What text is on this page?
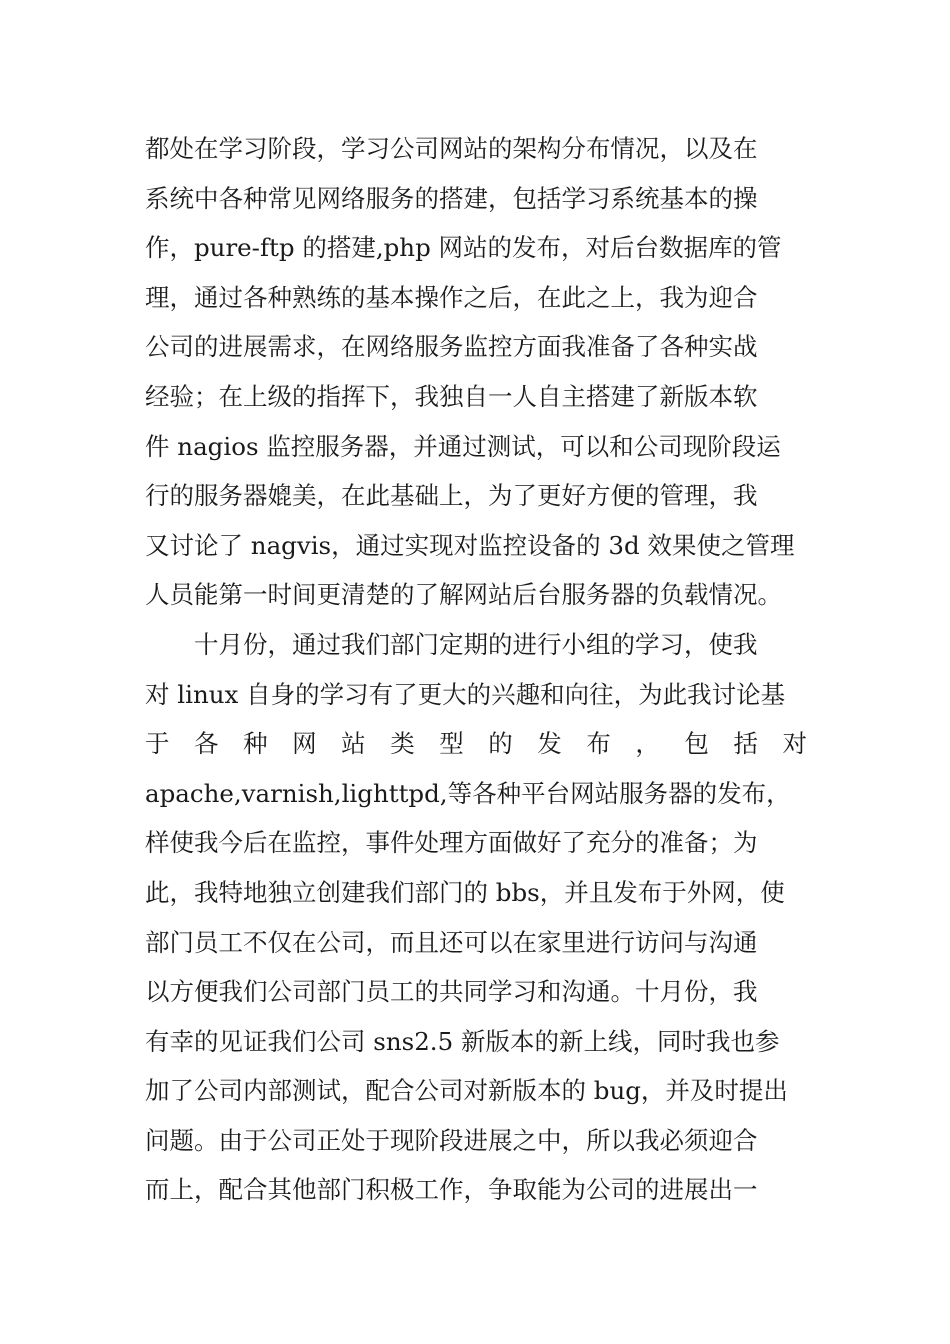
都处在学习阶段，学习公司网站的架构分布情况，以及在
系统中各种常见网络服务的搭建，包括学习系统基本的操
作，pure-ftp 的搭建,php 网站的发布，对后台数据库的管
理，通过各种熟练的基本操作之后，在此之上，我为迎合
公司的进展需求，在网络服务监控方面我准备了各种实战
经验；在上级的指挥下，我独自一人自主搭建了新版本软
件 nagios 监控服务器，并通过测试，可以和公司现阶段运
行的服务器媲美，在此基础上，为了更好方便的管理，我
又讨论了 nagvis，通过实现对监控设备的 3d 效果使之管理
人员能第一时间更清楚的了解网站后台服务器的负载情况。
　　十月份，通过我们部门定期的进行小组的学习，使我
对 linux 自身的学习有了更大的兴趣和向往，为此我讨论基
于 各 种 网 站 类 型 的 发 布 ， 包 括 对
apache,varnish,lighttpd,等各种平台网站服务器的发布，
样使我今后在监控，事件处理方面做好了充分的准备；为
此，我特地独立创建我们部门的 bbs，并且发布于外网，使
部门员工不仅在公司，而且还可以在家里进行访问与沟通
以方便我们公司部门员工的共同学习和沟通。十月份，我
有幸的见证我们公司 sns2.5 新版本的新上线，同时我也参
加了公司内部测试，配合公司对新版本的 bug，并及时提出
问题。由于公司正处于现阶段进展之中，所以我必须迎合
而上，配合其他部门积极工作，争取能为公司的进展出一
